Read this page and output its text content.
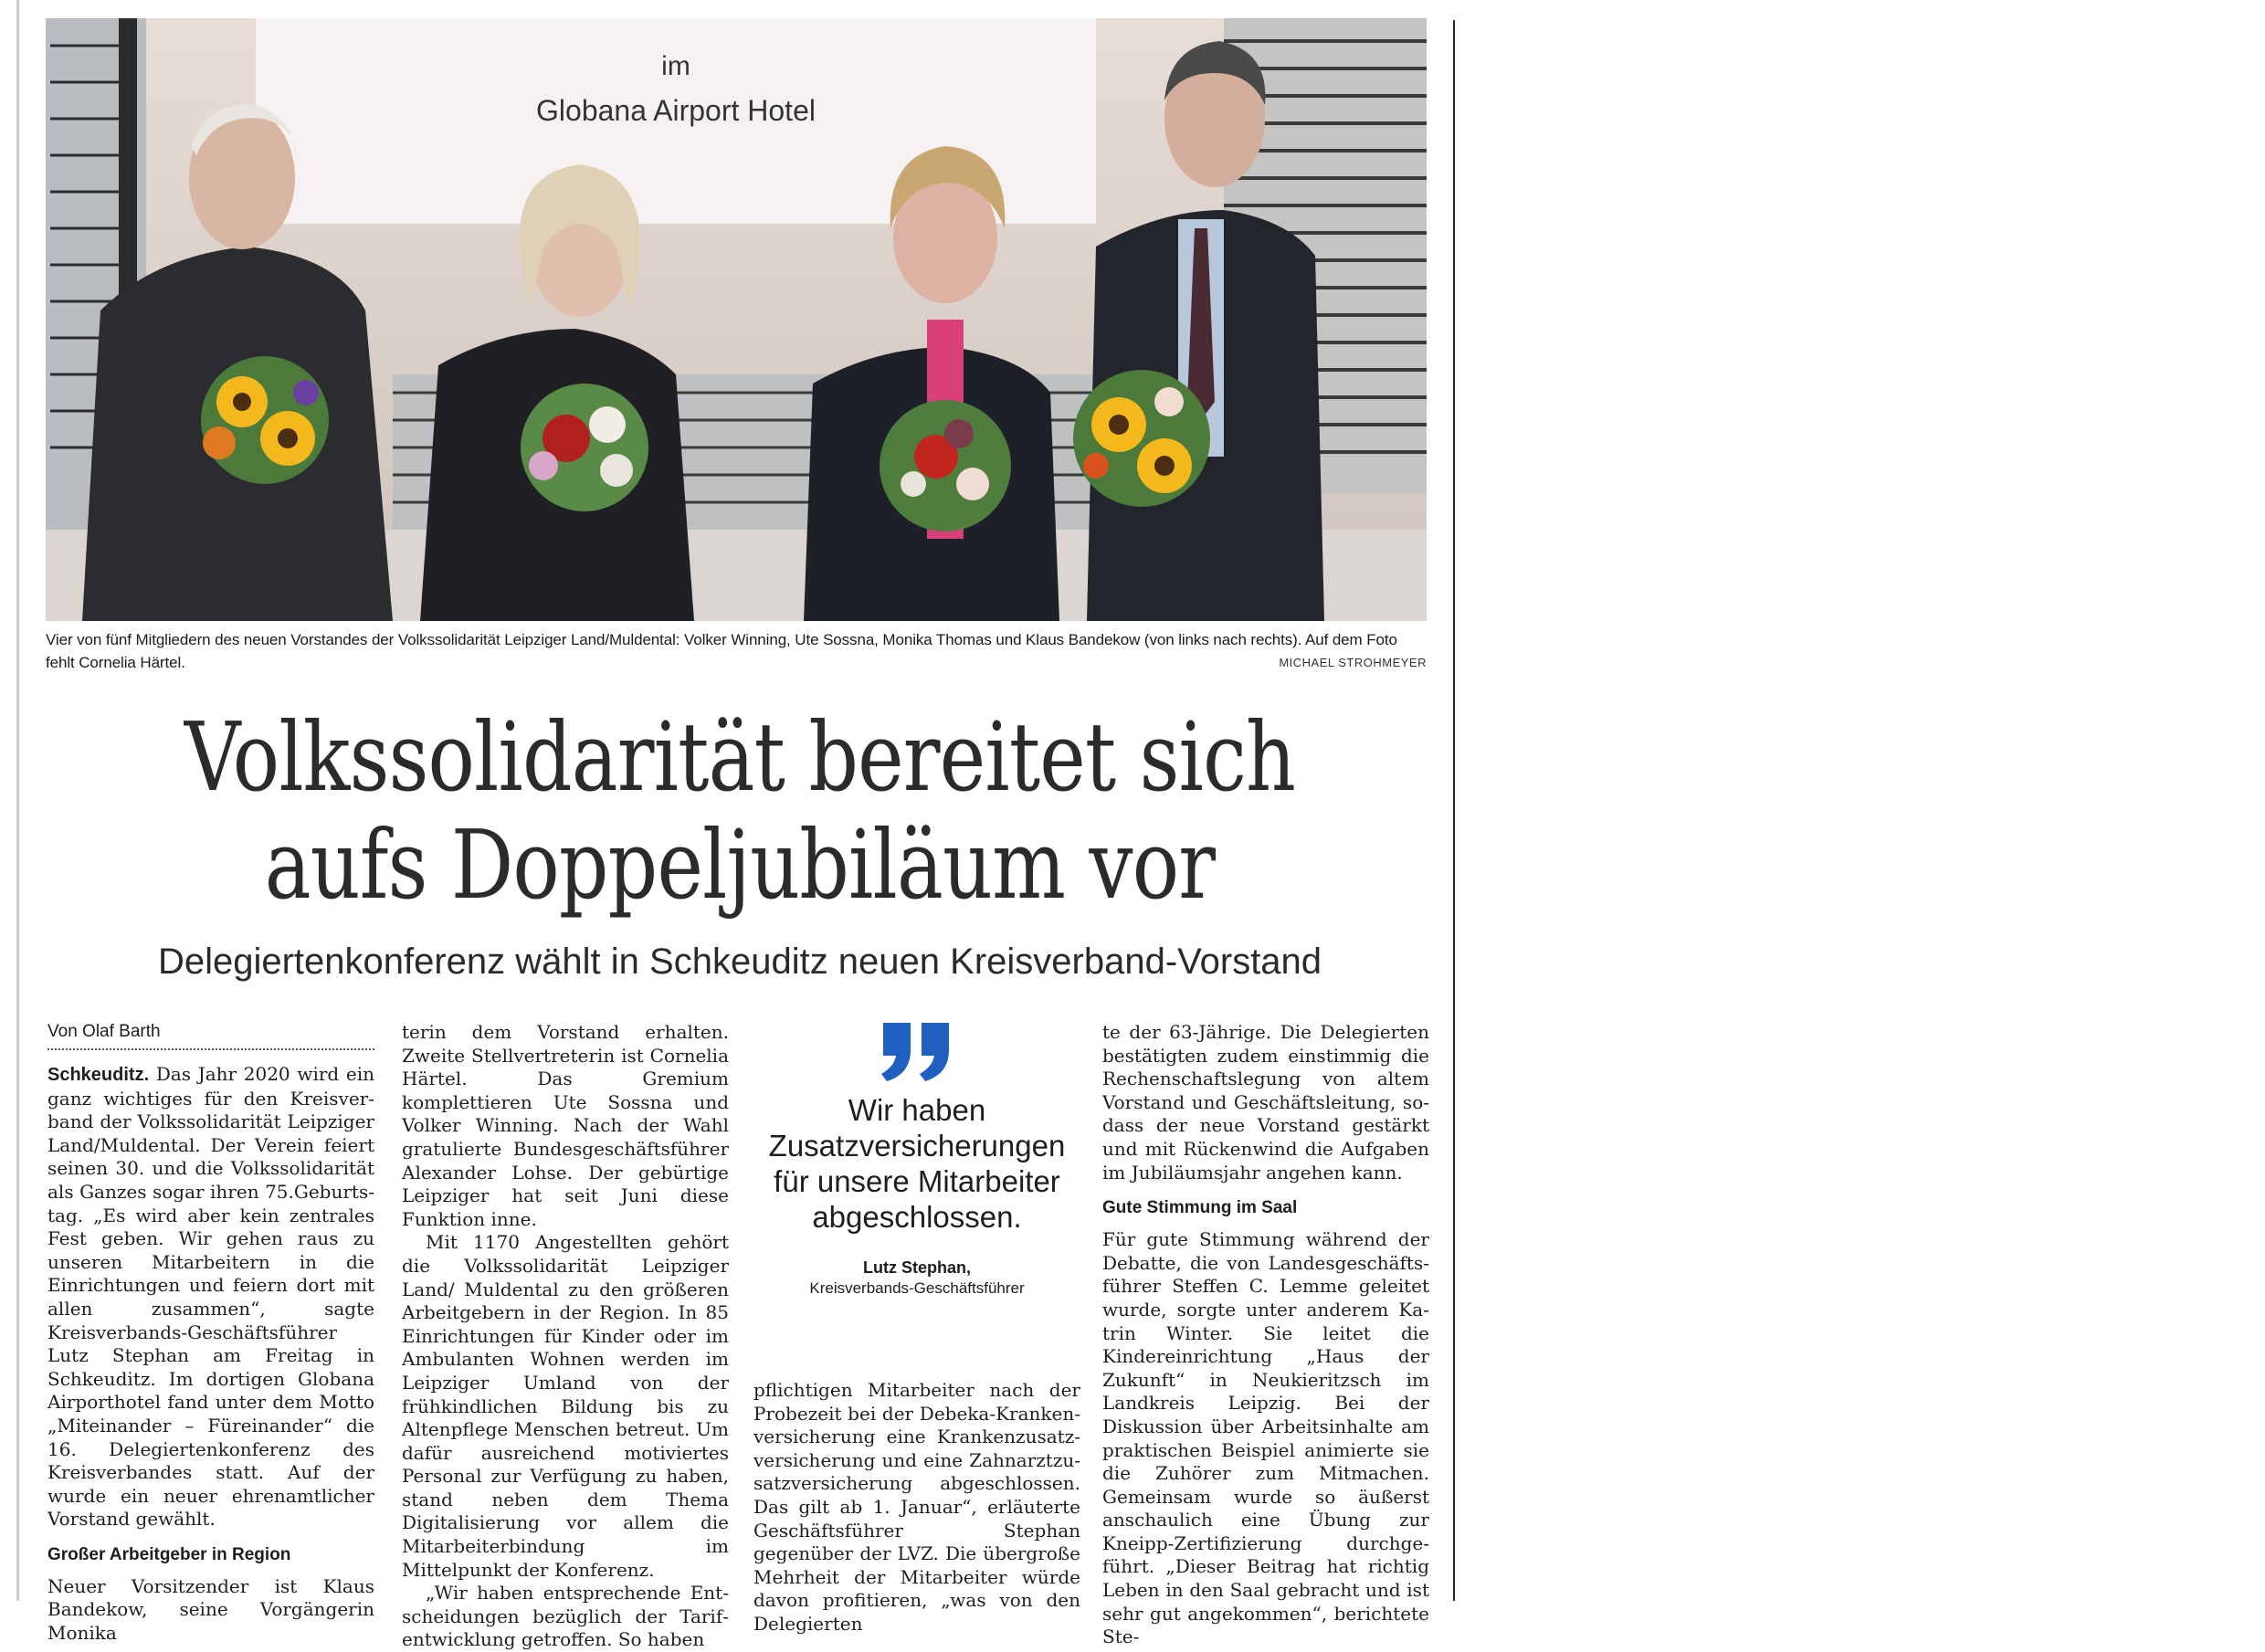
im
Globana Airport Hotel
Vier von fünf Mitgliedern des neuen Vorstandes der Volkssolidarität Leipziger Land/Muldental: Volker Winning, Ute Sossna, Monika Thomas und Klaus Bandekow (von links nach rechts). Auf dem Foto fehlt Cornelia Härtel.	MICHAEL STROHMEYER
Volkssolidarität bereitet sich
aufs Doppeljubiläum vor
Delegiertenkonferenz wählt in Schkeuditz neuen Kreisverband-Vorstand
Von Olaf Barth

Schkeuditz. Das Jahr 2020 wird ein ganz wichtiges für den Kreisverband der Volkssolidarität Leipziger Land/Muldental. Der Verein feiert seinen 30. und die Volkssolidarität als Ganzes sogar ihren 75.Geburtstag. „Es wird aber kein zentrales Fest geben. Wir gehen raus zu unseren Mitarbeitern in die Einrichtungen und feiern dort mit allen zusammen“, sagte Kreisverbands-Geschäftsführer Lutz Stephan am Freitag in Schkeuditz. Im dortigen Globana Airporthotel fand unter dem Motto „Miteinander – Füreinander“ die 16. Delegiertenkonferenz des Kreisverbandes statt. Auf der wurde ein neuer ehrenamtlicher Vorstand gewählt.

Großer Arbeitgeber in Region

Neuer Vorsitzender ist Klaus Bandekow, seine Vorgängerin Monika

terin dem Vorstand erhalten. Zweite Stellvertreterin ist Cornelia Härtel. Das Gremium komplettieren Ute Sossna und Volker Winning. Nach der Wahl gratulierte Bundesgeschäftsführer Alexander Lohse. Der gebürtige Leipziger hat seit Juni diese Funktion inne.

Mit 1170 Angestellten gehört die Volkssolidarität Leipziger Land/ Muldental zu den größeren Arbeitgebern in der Region. In 85 Einrichtungen für Kinder oder im Ambulanten Wohnen werden im Leipziger Umland von der frühkindlichen Bildung bis zu Altenpflege Menschen betreut. Um dafür ausreichend motiviertes Personal zur Verfügung zu haben, stand neben dem Thema Digitalisierung vor allem die Mitarbeiterbindung im Mittelpunkt der Konferenz.

„Wir haben entsprechende Entscheidungen bezüglich der Tarifentwicklung getroffen. So haben

Wir haben Zusatzversicherungen für unsere Mitarbeiter abgeschlossen.
Lutz Stephan,
Kreisverbands-Geschäftsführer

pflichtigen Mitarbeiter nach der Probezeit bei der Debeka-Krankenversicherung eine Krankenzusatzversicherung und eine Zahnarztzusatzversicherung abgeschlossen. Das gilt ab 1. Januar“, erläuterte Geschäftsführer Stephan gegenüber der LVZ. Die übergroße Mehrheit der Mitarbeiter würde davon profitieren, „was von den Delegierten

te der 63-Jährige. Die Delegierten bestätigten zudem einstimmig die Rechenschaftslegung von altem Vorstand und Geschäftsleitung, sodass der neue Vorstand gestärkt und mit Rückenwind die Aufgaben im Jubiläumsjahr angehen kann.

Gute Stimmung im Saal

Für gute Stimmung während der Debatte, die von Landesgeschäftsführer Steffen C. Lemme geleitet wurde, sorgte unter anderem Katrin Winter. Sie leitet die Kindereinrichtung „Haus der Zukunft“ in Neukieritzsch im Landkreis Leipzig. Bei der Diskussion über Arbeitsinhalte am praktischen Beispiel animierte sie die Zuhörer zum Mitmachen. Gemeinsam wurde so äußerst anschaulich eine Übung zur Kneipp-Zertifizierung durchgeführt. „Dieser Beitrag hat richtig Leben in den Saal gebracht und ist sehr gut angekommen“, berichtete Ste-
